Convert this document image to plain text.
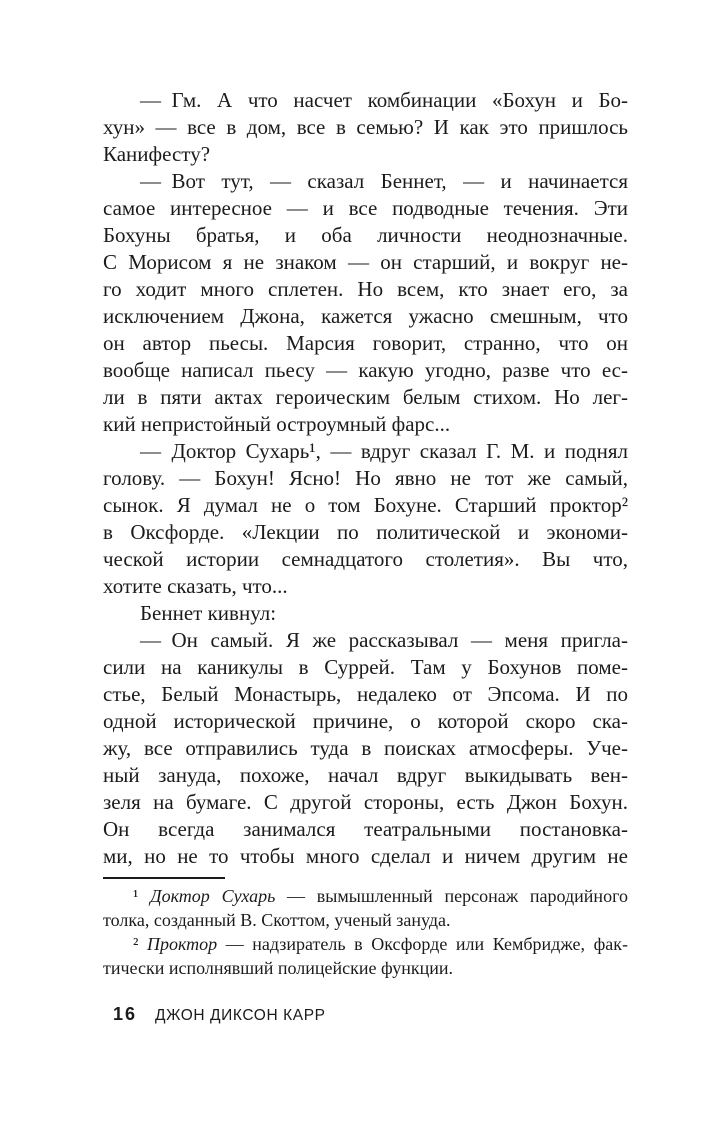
— Гм. А что насчет комбинации «Бохун и Бо-
хун» — все в дом, все в семью? И как это пришлось
Канифесту?
— Вот тут, — сказал Беннет, — и начинается
самое интересное — и все подводные течения. Эти
Бохуны братья, и оба личности неоднозначные.
С Морисом я не знаком — он старший, и вокруг не-
го ходит много сплетен. Но всем, кто знает его, за
исключением Джона, кажется ужасно смешным, что
он автор пьесы. Марсия говорит, странно, что он
вообще написал пьесу — какую угодно, разве что ес-
ли в пяти актах героическим белым стихом. Но лег-
кий непристойный остроумный фарс...
— Доктор Сухарь¹, — вдруг сказал Г. М. и поднял
голову. — Бохун! Ясно! Но явно не тот же самый,
сынок. Я думал не о том Бохуне. Старший проктор²
в Оксфорде. «Лекции по политической и экономи-
ческой истории семнадцатого столетия». Вы что,
хотите сказать, что...
Беннет кивнул:
— Он самый. Я же рассказывал — меня пригла-
сили на каникулы в Суррей. Там у Бохунов поме-
стье, Белый Монастырь, недалеко от Эпсома. И по
одной исторической причине, о которой скоро ска-
жу, все отправились туда в поисках атмосферы. Уче-
ный зануда, похоже, начал вдруг выкидывать вен-
зеля на бумаге. С другой стороны, есть Джон Бохун.
Он всегда занимался театральными постановка-
ми, но не то чтобы много сделал и ничем другим не
¹ Доктор Сухарь — вымышленный персонаж пародийного
толка, созданный В. Скоттом, ученый зануда.
² Проктор — надзиратель в Оксфорде или Кембридже, фак-
тически исполнявший полицейские функции.
16 ДЖОН ДИКСОН КАРР
